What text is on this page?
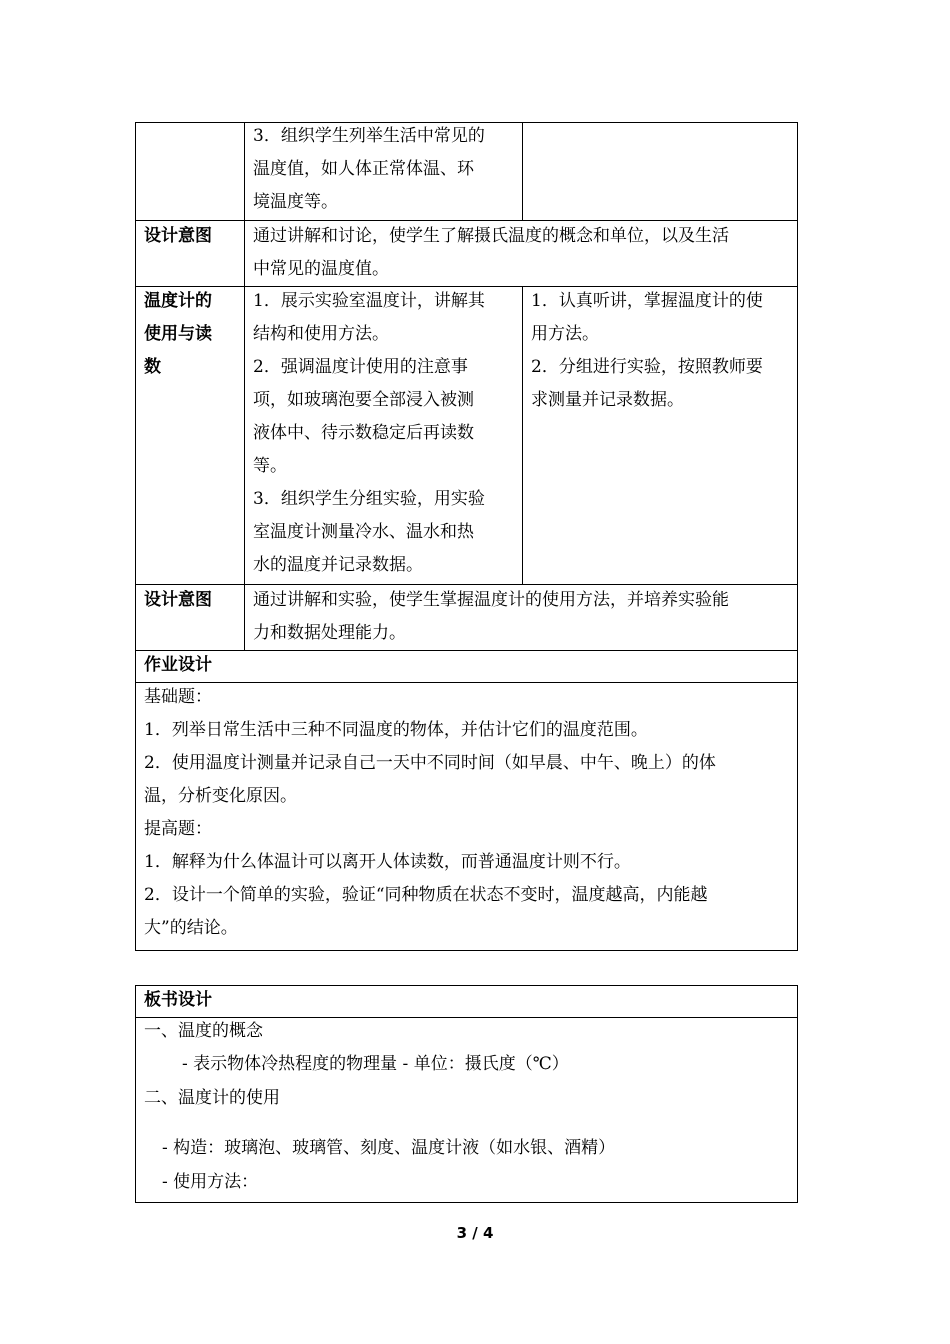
3．组织学生列举生活中常见的

温度值，如人体正常体温、环

境温度等。

设计意图	通过讲解和讨论，使学生了解摄氏温度的概念和单位，以及生活

中常见的温度值。

温度计的

使用与读

数

1．展示实验室温度计，讲解其

结构和使用方法。

2．强调温度计使用的注意事

项，如玻璃泡要全部浸入被测

液体中、待示数稳定后再读数

等。

3．组织学生分组实验，用实验

室温度计测量冷水、温水和热

水的温度并记录数据。

1．认真听讲，掌握温度计的使

用方法。

2．分组进行实验，按照教师要

求测量并记录数据。

设计意图	通过讲解和实验，使学生掌握温度计的使用方法，并培养实验能

力和数据处理能力。

作业设计

基础题：

1．列举日常生活中三种不同温度的物体，并估计它们的温度范围。

2．使用温度计测量并记录自己一天中不同时间（如早晨、中午、晚上）的体

温，分析变化原因。

提高题：

1．解释为什么体温计可以离开人体读数，而普通温度计则不行。

2．设计一个简单的实验，验证“同种物质在状态不变时，温度越高，内能越

大”的结论。

板书设计

一、温度的概念

- 表示物体冷热程度的物理量 - 单位：摄氏度（℃）

二、温度计的使用

- 构造：玻璃泡、玻璃管、刻度、温度计液（如水银、酒精）

- 使用方法：

3 / 4
